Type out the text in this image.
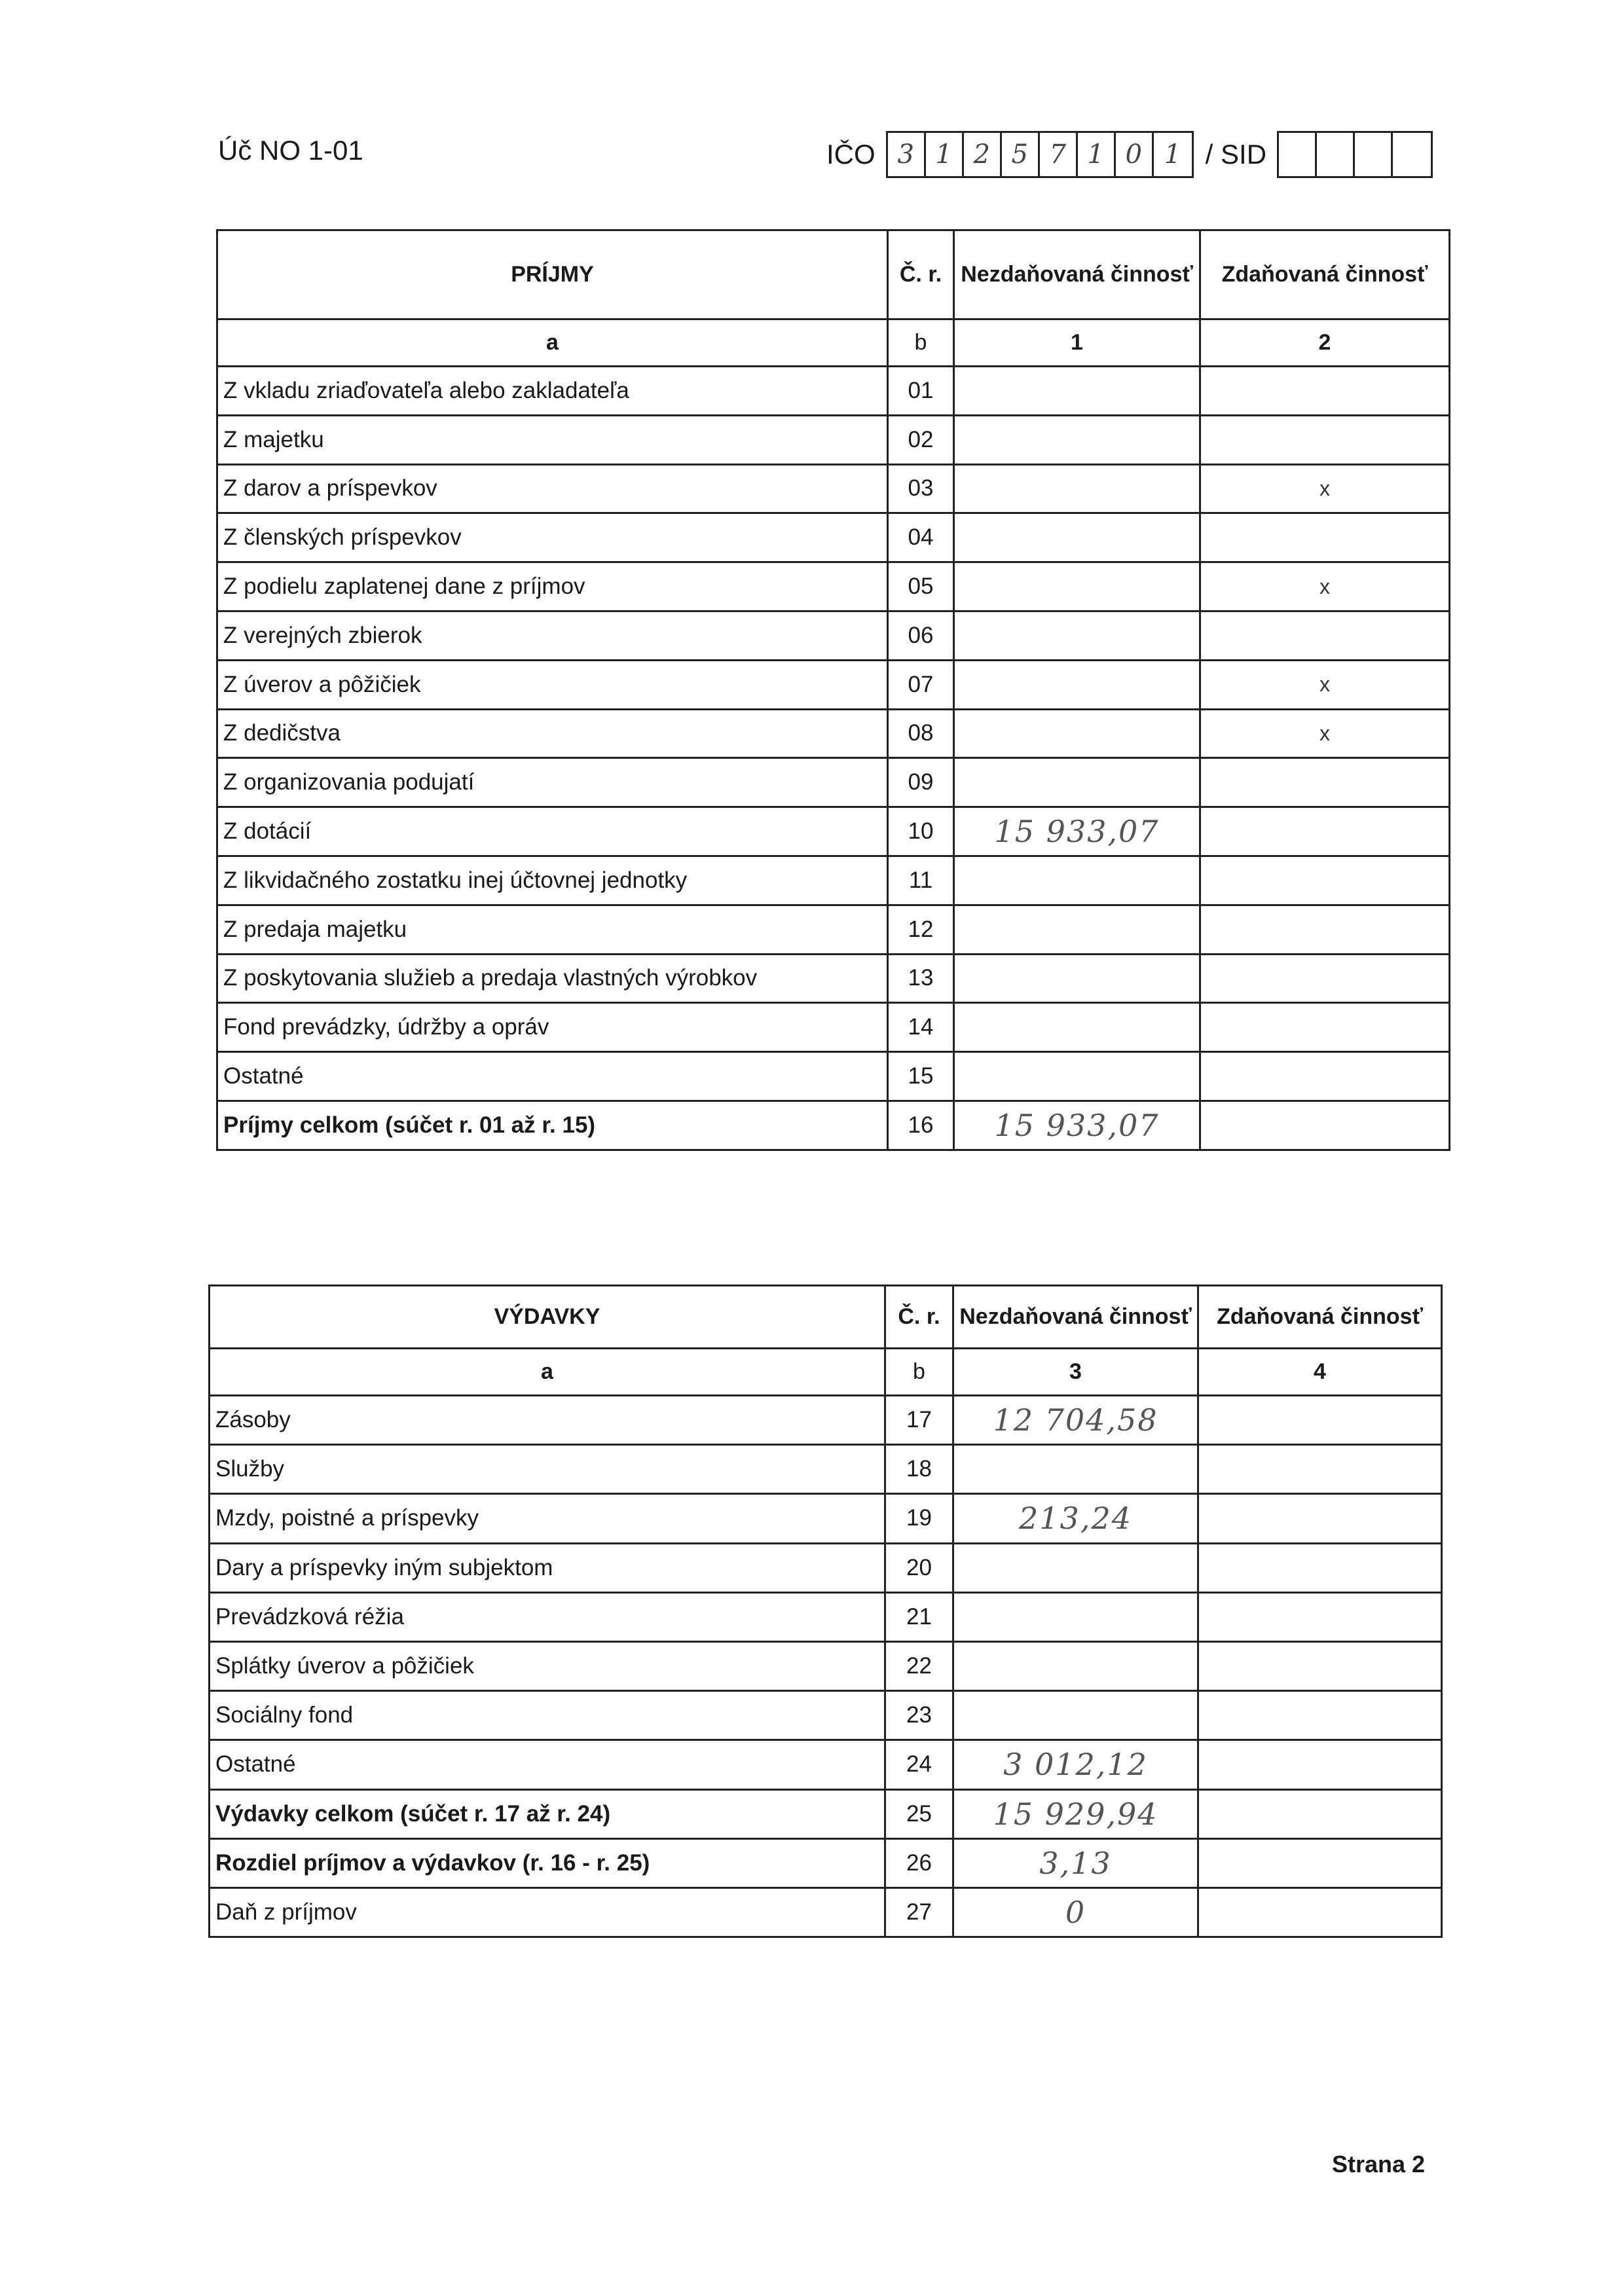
Úč NO 1-01	IČO 3 1 2 5 7 1 0 1 / SID
PRÍJMY	Č. r.	Nezdaňovaná činnosť	Zdaňovaná činnosť
a	b	1	2
Z vkladu zriaďovateľa alebo zakladateľa	01		
Z majetku	02		
Z darov a príspevkov	03		x
Z členských príspevkov	04		
Z podielu zaplatenej dane z príjmov	05		x
Z verejných zbierok	06		
Z úverov a pôžičiek	07		x
Z dedičstva	08		x
Z organizovania podujatí	09		
Z dotácií	10	15 933,07	
Z likvidačného zostatku inej účtovnej jednotky	11		
Z predaja majetku	12		
Z poskytovania služieb a predaja vlastných výrobkov	13		
Fond prevádzky, údržby a opráv	14		
Ostatné	15		
Príjmy celkom (súčet r. 01 až r. 15)	16	15 933,07	
VÝDAVKY	Č. r.	Nezdaňovaná činnosť	Zdaňovaná činnosť
a	b	3	4
Zásoby	17	12 704,58	
Služby	18		
Mzdy, poistné a príspevky	19	213,24	
Dary a príspevky iným subjektom	20		
Prevádzková réžia	21		
Splátky úverov a pôžičiek	22		
Sociálny fond	23		
Ostatné	24	3 012,12	
Výdavky celkom (súčet r. 17 až r. 24)	25	15 929,94	
Rozdiel príjmov a výdavkov (r. 16 - r. 25)	26	3,13	
Daň z príjmov	27	0	
Strana 2
